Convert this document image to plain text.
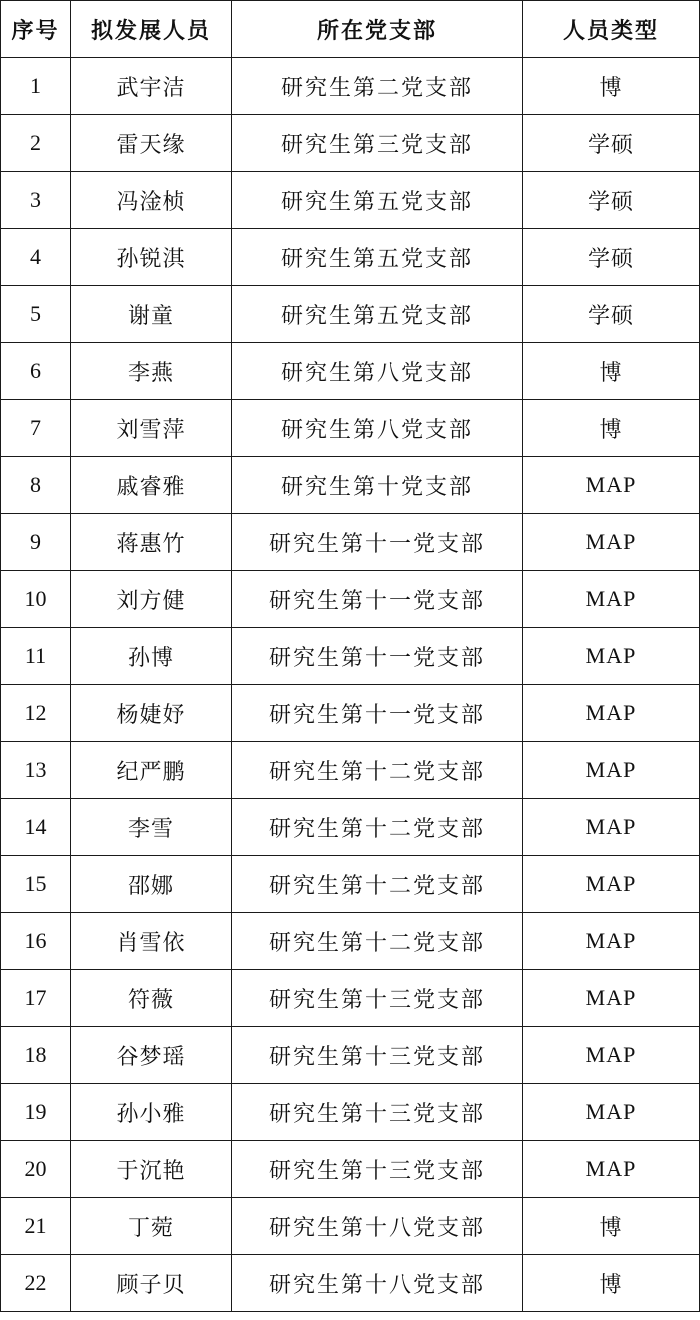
序号	拟发展人员	所在党支部	人员类型
1	武宇洁	研究生第二党支部	博
2	雷天缘	研究生第三党支部	学硕
3	冯淦桢	研究生第五党支部	学硕
4	孙锐淇	研究生第五党支部	学硕
5	谢童	研究生第五党支部	学硕
6	李燕	研究生第八党支部	博
7	刘雪萍	研究生第八党支部	博
8	戚睿雅	研究生第十党支部	MAP
9	蒋惠竹	研究生第十一党支部	MAP
10	刘方健	研究生第十一党支部	MAP
11	孙博	研究生第十一党支部	MAP
12	杨婕妤	研究生第十一党支部	MAP
13	纪严鹏	研究生第十二党支部	MAP
14	李雪	研究生第十二党支部	MAP
15	邵娜	研究生第十二党支部	MAP
16	肖雪依	研究生第十二党支部	MAP
17	符薇	研究生第十三党支部	MAP
18	谷梦瑶	研究生第十三党支部	MAP
19	孙小雅	研究生第十三党支部	MAP
20	于沉艳	研究生第十三党支部	MAP
21	丁菀	研究生第十八党支部	博
22	顾子贝	研究生第十八党支部	博
